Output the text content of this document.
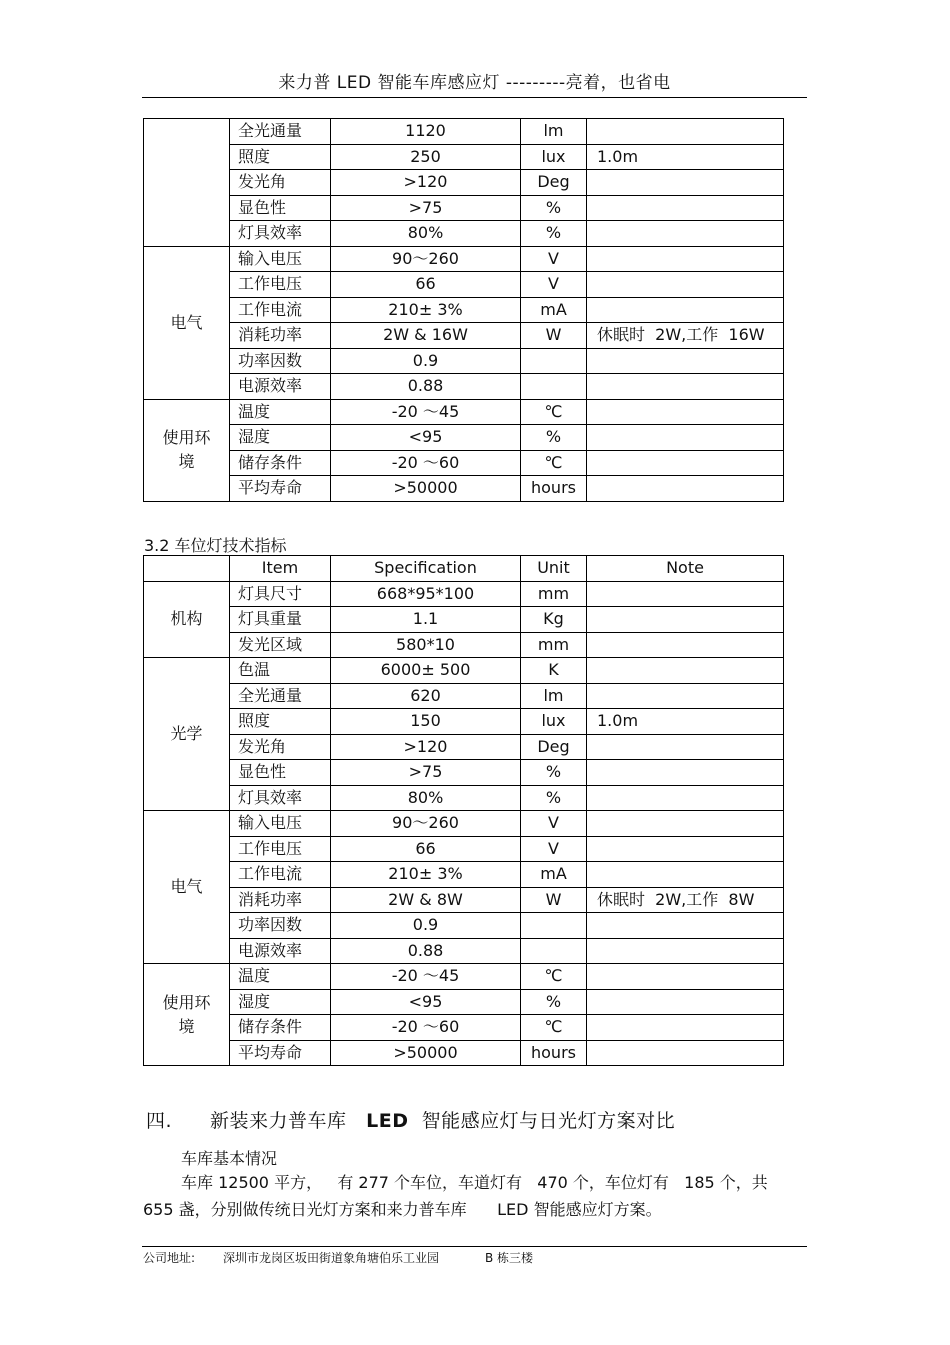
来力普 LED 智能车库感应灯 ---------亮着，也省电
	全光通量	1120	lm	
	照度	250	lux	1.0m
	发光角	>120	Deg	
	显色性	>75	%	
	灯具效率	80%	%	
电气	输入电压	90～260	V	
	工作电压	66	V	
	工作电流	210± 3%	mA	
	消耗功率	2W & 16W	W	休眠时  2W,工作  16W
	功率因数	0.9		
	电源效率	0.88		
使用环境	温度	-20 ～45	℃	
	湿度	<95	%	
	储存条件	-20 ～60	℃	
	平均寿命	>50000	hours	
3.2 车位灯技术指标
	Item	Specification	Unit	Note
机构	灯具尺寸	668*95*100	mm	
	灯具重量	1.1	Kg	
	发光区域	580*10	mm	
光学	色温	6000± 500	K	
	全光通量	620	lm	
	照度	150	lux	1.0m
	发光角	>120	Deg	
	显色性	>75	%	
	灯具效率	80%	%	
电气	输入电压	90～260	V	
	工作电压	66	V	
	工作电流	210± 3%	mA	
	消耗功率	2W & 8W	W	休眠时  2W,工作  8W
	功率因数	0.9		
	电源效率	0.88		
使用环境	温度	-20 ～45	℃	
	湿度	<95	%	
	储存条件	-20 ～60	℃	
	平均寿命	>50000	hours	
四. 新装来力普车库 LED 智能感应灯与日光灯方案对比
车库基本情况
车库 12500 平方，   有 277 个车位，车道灯有   470 个，车位灯有   185 个，共
655 盏，分别做传统日光灯方案和来力普车库      LED 智能感应灯方案。
公司地址: 深圳市龙岗区坂田街道象角塘伯乐工业园	B 栋三楼
